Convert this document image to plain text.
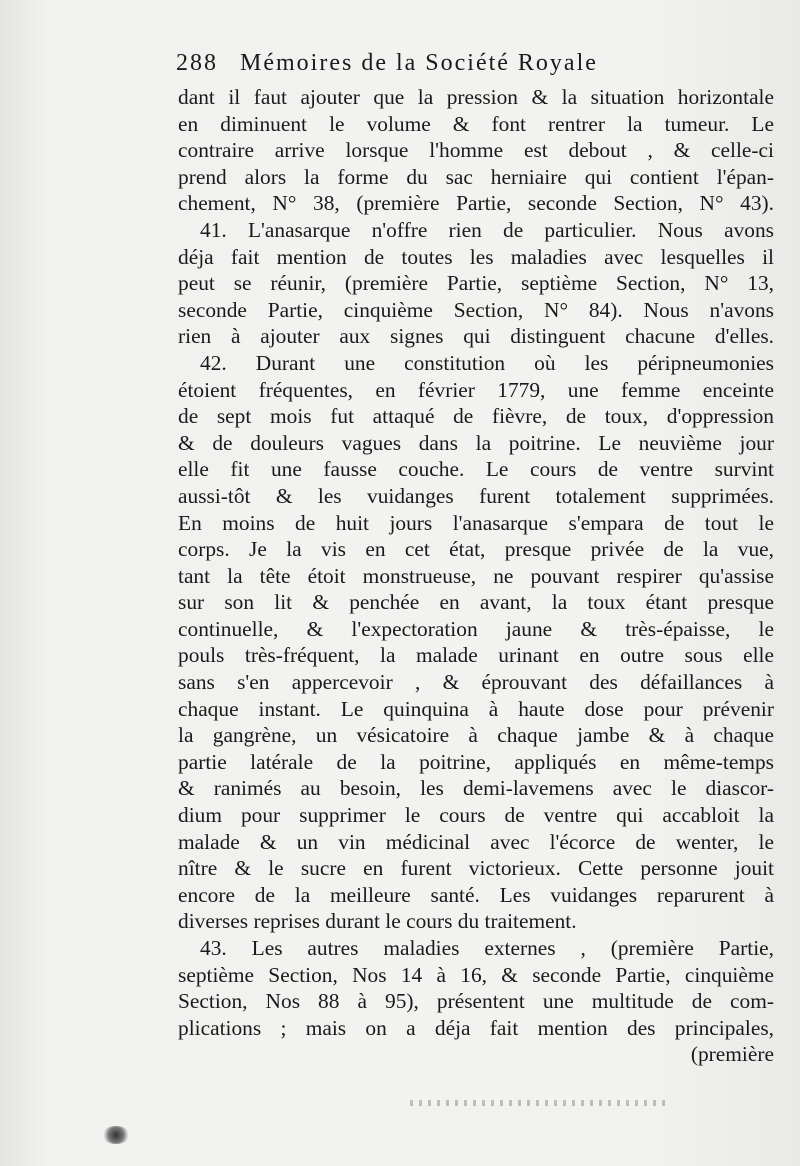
288 Mémoires de la Société Royale
dant il faut ajouter que la pression & la situation horizontale
en diminuent le volume & font rentrer la tumeur. Le
contraire arrive lorsque l'homme est debout , & celle-ci
prend alors la forme du sac herniaire qui contient l'épan-
chement, N° 38, (première Partie, seconde Section, N° 43).
41. L'anasarque n'offre rien de particulier. Nous avons
déja fait mention de toutes les maladies avec lesquelles il
peut se réunir, (première Partie, septième Section, N° 13,
seconde Partie, cinquième Section, N° 84). Nous n'avons
rien à ajouter aux signes qui distinguent chacune d'elles.
42. Durant une constitution où les péripneumonies
étoient fréquentes, en février 1779, une femme enceinte
de sept mois fut attaqué de fièvre, de toux, d'oppression
& de douleurs vagues dans la poitrine. Le neuvième jour
elle fit une fausse couche. Le cours de ventre survint
aussi-tôt & les vuidanges furent totalement supprimées.
En moins de huit jours l'anasarque s'empara de tout le
corps. Je la vis en cet état, presque privée de la vue,
tant la tête étoit monstrueuse, ne pouvant respirer qu'assise
sur son lit & penchée en avant, la toux étant presque
continuelle, & l'expectoration jaune & très-épaisse, le
pouls très-fréquent, la malade urinant en outre sous elle
sans s'en appercevoir , & éprouvant des défaillances à
chaque instant. Le quinquina à haute dose pour prévenir
la gangrène, un vésicatoire à chaque jambe & à chaque
partie latérale de la poitrine, appliqués en même-temps
& ranimés au besoin, les demi-lavemens avec le diascor-
dium pour supprimer le cours de ventre qui accabloit la
malade & un vin médicinal avec l'écorce de wenter, le
nître & le sucre en furent victorieux. Cette personne jouit
encore de la meilleure santé. Les vuidanges reparurent à
diverses reprises durant le cours du traitement.
43. Les autres maladies externes , (première Partie,
septième Section, Nos 14 à 16, & seconde Partie, cinquième
Section, Nos 88 à 95), présentent une multitude de com-
plications ; mais on a déja fait mention des principales,
(première
